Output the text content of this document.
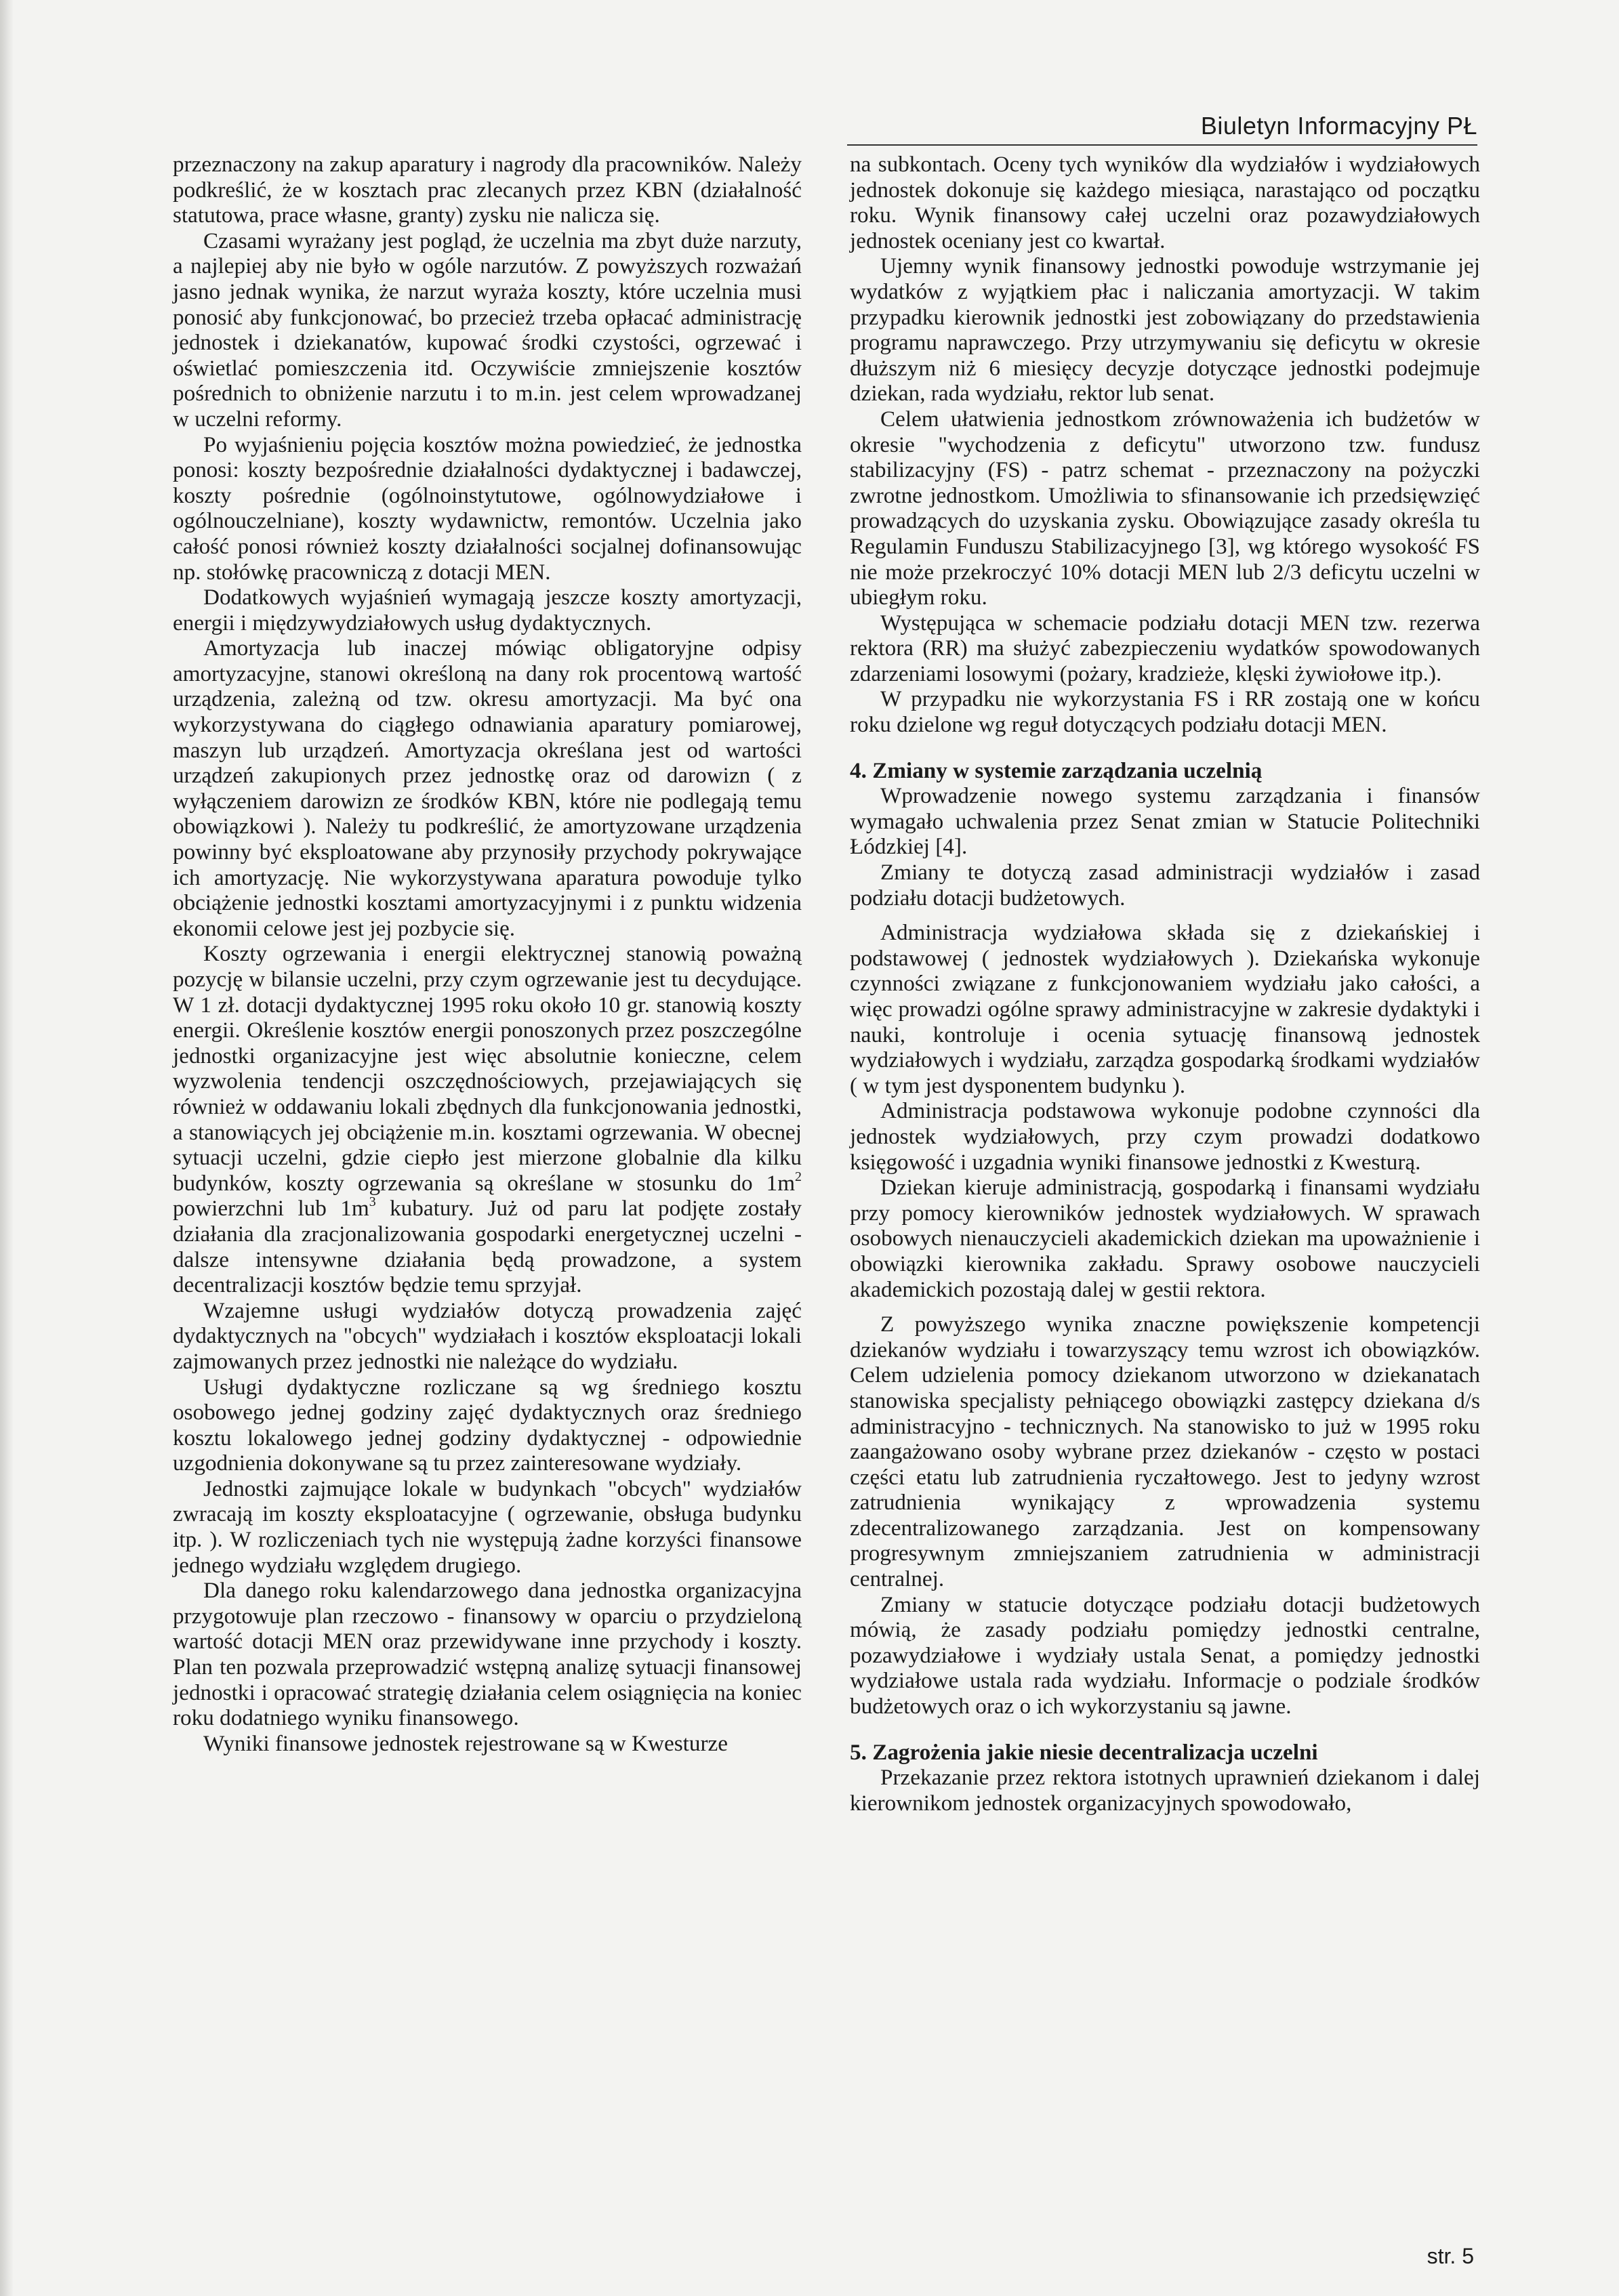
Biuletyn Informacyjny PŁ

przeznaczony na zakup aparatury i nagrody dla pracowników. Należy podkreślić, że w kosztach prac zlecanych przez KBN (działalność statutowa, prace własne, granty) zysku nie nalicza się.

Czasami wyrażany jest pogląd, że uczelnia ma zbyt duże narzuty, a najlepiej aby nie było w ogóle narzutów. Z powyższych rozważań jasno jednak wynika, że narzut wyraża koszty, które uczelnia musi ponosić aby funkcjonować, bo przecież trzeba opłacać administrację jednostek i dziekanatów, kupować środki czystości, ogrzewać i oświetlać pomieszczenia itd. Oczywiście zmniejszenie kosztów pośrednich to obniżenie narzutu i to m.in. jest celem wprowadzanej w uczelni reformy.

Po wyjaśnieniu pojęcia kosztów można powiedzieć, że jednostka ponosi: koszty bezpośrednie działalności dydaktycznej i badawczej, koszty pośrednie (ogólnoinstytutowe, ogólnowydziałowe i ogólnouczelniane), koszty wydawnictw, remontów. Uczelnia jako całość ponosi również koszty działalności socjalnej dofinansowując np. stołówkę pracowniczą z dotacji MEN.

Dodatkowych wyjaśnień wymagają jeszcze koszty amortyzacji, energii i międzywydziałowych usług dydaktycznych.

Amortyzacja lub inaczej mówiąc obligatoryjne odpisy amortyzacyjne, stanowi określoną na dany rok procentową wartość urządzenia, zależną od tzw. okresu amortyzacji. Ma być ona wykorzystywana do ciągłego odnawiania aparatury pomiarowej, maszyn lub urządzeń. Amortyzacja określana jest od wartości urządzeń zakupionych przez jednostkę oraz od darowizn ( z wyłączeniem darowizn ze środków KBN, które nie podlegają temu obowiązkowi ). Należy tu podkreślić, że amortyzowane urządzenia powinny być eksploatowane aby przynosiły przychody pokrywające ich amortyzację. Nie wykorzystywana aparatura powoduje tylko obciążenie jednostki kosztami amortyzacyjnymi i z punktu widzenia ekonomii celowe jest jej pozbycie się.

Koszty ogrzewania i energii elektrycznej stanowią poważną pozycję w bilansie uczelni, przy czym ogrzewanie jest tu decydujące. W 1 zł. dotacji dydaktycznej 1995 roku około 10 gr. stanowią koszty energii. Określenie kosztów energii ponoszonych przez poszczególne jednostki organizacyjne jest więc absolutnie konieczne, celem wyzwolenia tendencji oszczędnościowych, przejawiających się również w oddawaniu lokali zbędnych dla funkcjonowania jednostki, a stanowiących jej obciążenie m.in. kosztami ogrzewania. W obecnej sytuacji uczelni, gdzie ciepło jest mierzone globalnie dla kilku budynków, koszty ogrzewania są określane w stosunku do $1m^2$ powierzchni lub $1m^3$ kubatury. Już od paru lat podjęte zostały działania dla zracjonalizowania gospodarki energetycznej uczelni - dalsze intensywne działania będą prowadzone, a system decentralizacji kosztów będzie temu sprzyjał.

Wzajemne usługi wydziałów dotyczą prowadzenia zajęć dydaktycznych na "obcych" wydziałach i kosztów eksploatacji lokali zajmowanych przez jednostki nie należące do wydziału.

Usługi dydaktyczne rozliczane są wg średniego kosztu osobowego jednej godziny zajęć dydaktycznych oraz średniego kosztu lokalowego jednej godziny dydaktycznej - odpowiednie uzgodnienia dokonywane są tu przez zainteresowane wydziały.

Jednostki zajmujące lokale w budynkach "obcych" wydziałów zwracają im koszty eksploatacyjne ( ogrzewanie, obsługa budynku itp. ). W rozliczeniach tych nie występują żadne korzyści finansowe jednego wydziału względem drugiego.

Dla danego roku kalendarzowego dana jednostka organizacyjna przygotowuje plan rzeczowo - finansowy w oparciu o przydzieloną wartość dotacji MEN oraz przewidywane inne przychody i koszty. Plan ten pozwala przeprowadzić wstępną analizę sytuacji finansowej jednostki i opracować strategię działania celem osiągnięcia na koniec roku dodatniego wyniku finansowego.

Wyniki finansowe jednostek rejestrowane są w Kwesturze

na subkontach. Oceny tych wyników dla wydziałów i wydziałowych jednostek dokonuje się każdego miesiąca, narastająco od początku roku. Wynik finansowy całej uczelni oraz pozawydziałowych jednostek oceniany jest co kwartał.

Ujemny wynik finansowy jednostki powoduje wstrzymanie jej wydatków z wyjątkiem płac i naliczania amortyzacji. W takim przypadku kierownik jednostki jest zobowiązany do przedstawienia programu naprawczego. Przy utrzymywaniu się deficytu w okresie dłuższym niż 6 miesięcy decyzje dotyczące jednostki podejmuje dziekan, rada wydziału, rektor lub senat.

Celem ułatwienia jednostkom zrównoważenia ich budżetów w okresie "wychodzenia z deficytu" utworzono tzw. fundusz stabilizacyjny (FS) - patrz schemat - przeznaczony na pożyczki zwrotne jednostkom. Umożliwia to sfinansowanie ich przedsięwzięć prowadzących do uzyskania zysku. Obowiązujące zasady określa tu Regulamin Funduszu Stabilizacyjnego [3], wg którego wysokość FS nie może przekroczyć 10% dotacji MEN lub 2/3 deficytu uczelni w ubiegłym roku.

Występująca w schemacie podziału dotacji MEN tzw. rezerwa rektora (RR) ma służyć zabezpieczeniu wydatków spowodowanych zdarzeniami losowymi (pożary, kradzieże, klęski żywiołowe itp.).

W przypadku nie wykorzystania FS i RR zostają one w końcu roku dzielone wg reguł dotyczących podziału dotacji MEN.

4. Zmiany w systemie zarządzania uczelnią

Wprowadzenie nowego systemu zarządzania i finansów wymagało uchwalenia przez Senat zmian w Statucie Politechniki Łódzkiej [4].

Zmiany te dotyczą zasad administracji wydziałów i zasad podziału dotacji budżetowych.

Administracja wydziałowa składa się z dziekańskiej i podstawowej ( jednostek wydziałowych ). Dziekańska wykonuje czynności związane z funkcjonowaniem wydziału jako całości, a więc prowadzi ogólne sprawy administracyjne w zakresie dydaktyki i nauki, kontroluje i ocenia sytuację finansową jednostek wydziałowych i wydziału, zarządza gospodarką środkami wydziałów ( w tym jest dysponentem budynku ).

Administracja podstawowa wykonuje podobne czynności dla jednostek wydziałowych, przy czym prowadzi dodatkowo księgowość i uzgadnia wyniki finansowe jednostki z Kwesturą.

Dziekan kieruje administracją, gospodarką i finansami wydziału przy pomocy kierowników jednostek wydziałowych. W sprawach osobowych nienauczycieli akademickich dziekan ma upoważnienie i obowiązki kierownika zakładu. Sprawy osobowe nauczycieli akademickich pozostają dalej w gestii rektora.

Z powyższego wynika znaczne powiększenie kompetencji dziekanów wydziału i towarzyszący temu wzrost ich obowiązków. Celem udzielenia pomocy dziekanom utworzono w dziekanatach stanowiska specjalisty pełniącego obowiązki zastępcy dziekana d/s administracyjno - technicznych. Na stanowisko to już w 1995 roku zaangażowano osoby wybrane przez dziekanów - często w postaci części etatu lub zatrudnienia ryczałtowego. Jest to jedyny wzrost zatrudnienia wynikający z wprowadzenia systemu zdecentralizowanego zarządzania. Jest on kompensowany progresywnym zmniejszaniem zatrudnienia w administracji centralnej.

Zmiany w statucie dotyczące podziału dotacji budżetowych mówią, że zasady podziału pomiędzy jednostki centralne, pozawydziałowe i wydziały ustala Senat, a pomiędzy jednostki wydziałowe ustala rada wydziału. Informacje o podziale środków budżetowych oraz o ich wykorzystaniu są jawne.

5. Zagrożenia jakie niesie decentralizacja uczelni

Przekazanie przez rektora istotnych uprawnień dziekanom i dalej kierownikom jednostek organizacyjnych spowodowało,

str. 5
